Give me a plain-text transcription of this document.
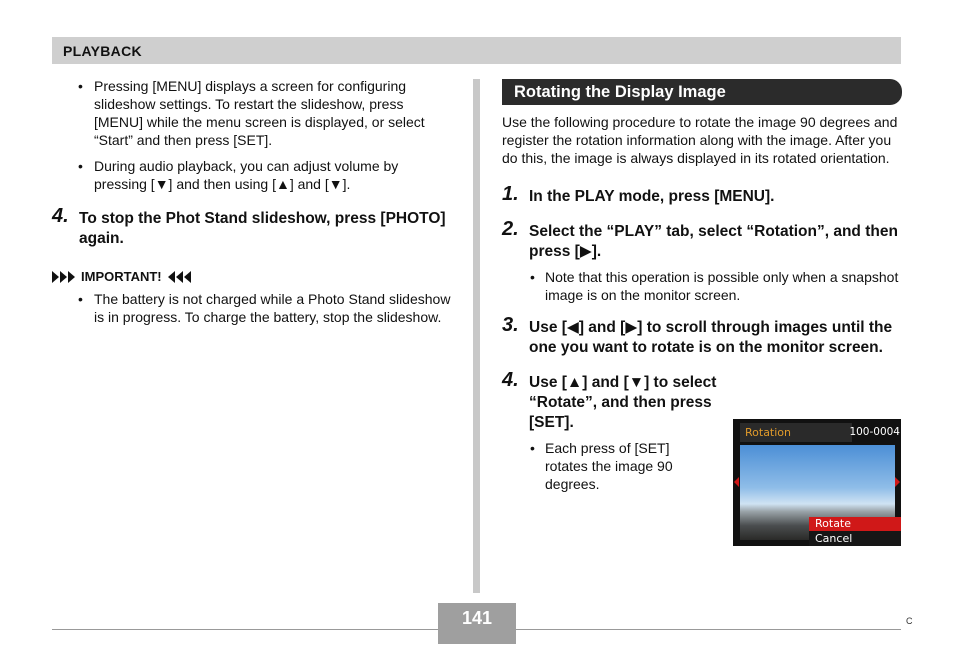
PLAYBACK
• Pressing [MENU] displays a screen for configuring slideshow settings. To restart the slideshow, press [MENU] while the menu screen is displayed, or select “Start” and then press [SET].
• During audio playback, you can adjust volume by pressing [▼] and then using [▲] and [▼].
4. To stop the Phot Stand slideshow, press [PHOTO] again.
IMPORTANT!
• The battery is not charged while a Photo Stand slideshow is in progress. To charge the battery, stop the slideshow.
Rotating the Display Image

Use the following procedure to rotate the image 90 degrees and register the rotation information along with the image. After you do this, the image is always displayed in its rotated orientation.

1. In the PLAY mode, press [MENU].
2. Select the “PLAY” tab, select “Rotation”, and then press [▶].
• Note that this operation is possible only when a snapshot image is on the monitor screen.
3. Use [◀] and [▶] to scroll through images until the one you want to rotate is on the monitor screen.
4. Use [▲] and [▼] to select “Rotate”, and then press [SET].
• Each press of [SET] rotates the image 90 degrees.
Rotation	100-0004
Rotate
Cancel
141	C
